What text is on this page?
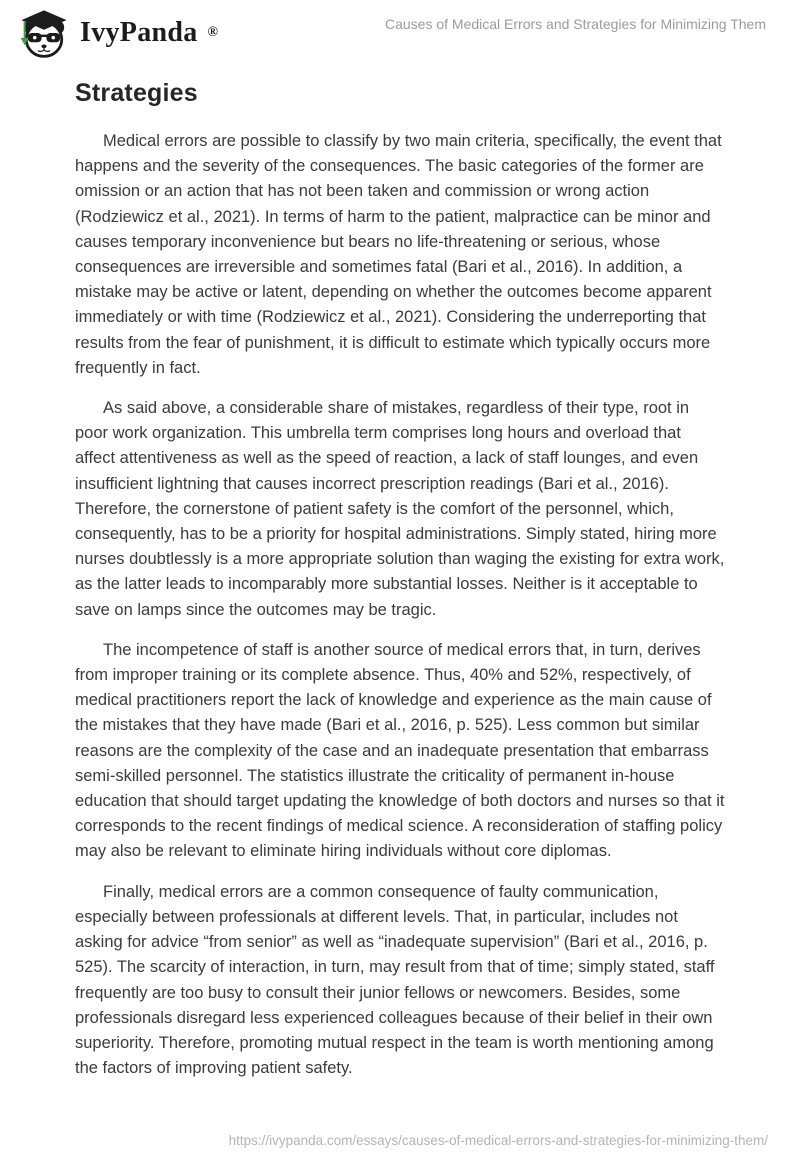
IvyPanda ®
Causes of Medical Errors and Strategies for Minimizing Them
Strategies

Medical errors are possible to classify by two main criteria, specifically, the event that happens and the severity of the consequences. The basic categories of the former are omission or an action that has not been taken and commission or wrong action (Rodziewicz et al., 2021). In terms of harm to the patient, malpractice can be minor and causes temporary inconvenience but bears no life-threatening or serious, whose consequences are irreversible and sometimes fatal (Bari et al., 2016). In addition, a mistake may be active or latent, depending on whether the outcomes become apparent immediately or with time (Rodziewicz et al., 2021). Considering the underreporting that results from the fear of punishment, it is difficult to estimate which typically occurs more frequently in fact.

As said above, a considerable share of mistakes, regardless of their type, root in poor work organization. This umbrella term comprises long hours and overload that affect attentiveness as well as the speed of reaction, a lack of staff lounges, and even insufficient lightning that causes incorrect prescription readings (Bari et al., 2016). Therefore, the cornerstone of patient safety is the comfort of the personnel, which, consequently, has to be a priority for hospital administrations. Simply stated, hiring more nurses doubtlessly is a more appropriate solution than waging the existing for extra work, as the latter leads to incomparably more substantial losses. Neither is it acceptable to save on lamps since the outcomes may be tragic.

The incompetence of staff is another source of medical errors that, in turn, derives from improper training or its complete absence. Thus, 40% and 52%, respectively, of medical practitioners report the lack of knowledge and experience as the main cause of the mistakes that they have made (Bari et al., 2016, p. 525). Less common but similar reasons are the complexity of the case and an inadequate presentation that embarrass semi-skilled personnel. The statistics illustrate the criticality of permanent in-house education that should target updating the knowledge of both doctors and nurses so that it corresponds to the recent findings of medical science. A reconsideration of staffing policy may also be relevant to eliminate hiring individuals without core diplomas.

Finally, medical errors are a common consequence of faulty communication, especially between professionals at different levels. That, in particular, includes not asking for advice “from senior” as well as “inadequate supervision” (Bari et al., 2016, p. 525). The scarcity of interaction, in turn, may result from that of time; simply stated, staff frequently are too busy to consult their junior fellows or newcomers. Besides, some professionals disregard less experienced colleagues because of their belief in their own superiority. Therefore, promoting mutual respect in the team is worth mentioning among the factors of improving patient safety.

https://ivypanda.com/essays/causes-of-medical-errors-and-strategies-for-minimizing-them/
